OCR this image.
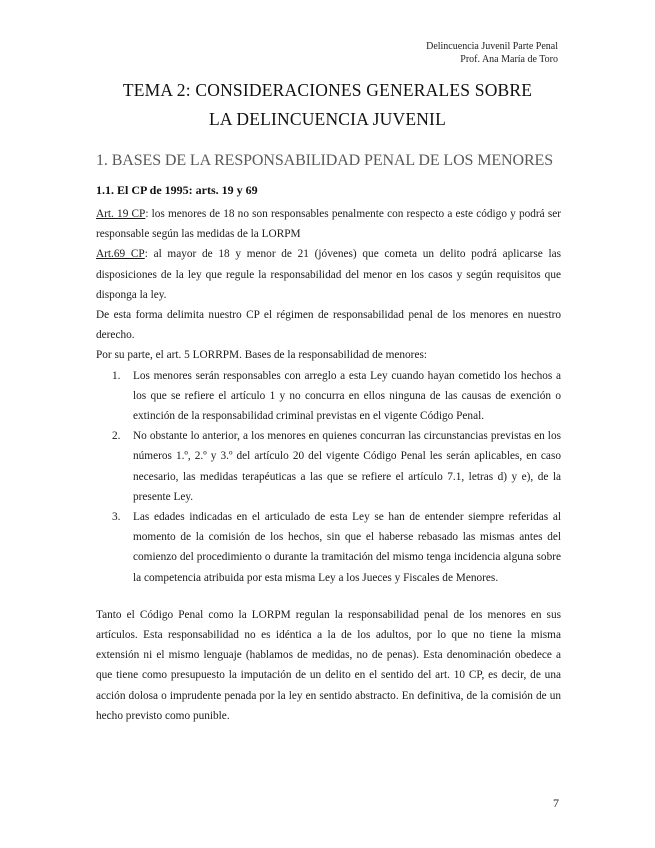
Delincuencia Juvenil Parte Penal
Prof. Ana María de Toro
TEMA 2: CONSIDERACIONES GENERALES SOBRE
LA DELINCUENCIA JUVENIL
1. BASES DE LA RESPONSABILIDAD PENAL DE LOS MENORES
1.1. El CP de 1995: arts. 19 y 69

Art. 19 CP: los menores de 18 no son responsables penalmente con respecto a este código y podrá ser responsable según las medidas de la LORPM

Art.69 CP: al mayor de 18 y menor de 21 (jóvenes) que cometa un delito podrá aplicarse las disposiciones de la ley que regule la responsabilidad del menor en los casos y según requisitos que disponga la ley.

De esta forma delimita nuestro CP el régimen de responsabilidad penal de los menores en nuestro derecho.

Por su parte, el art. 5 LORRPM. Bases de la responsabilidad de menores:

1. Los menores serán responsables con arreglo a esta Ley cuando hayan cometido los hechos a los que se refiere el artículo 1 y no concurra en ellos ninguna de las causas de exención o extinción de la responsabilidad criminal previstas en el vigente Código Penal.
2. No obstante lo anterior, a los menores en quienes concurran las circunstancias previstas en los números 1.º, 2.º y 3.º del artículo 20 del vigente Código Penal les serán aplicables, en caso necesario, las medidas terapéuticas a las que se refiere el artículo 7.1, letras d) y e), de la presente Ley.
3. Las edades indicadas en el articulado de esta Ley se han de entender siempre referidas al momento de la comisión de los hechos, sin que el haberse rebasado las mismas antes del comienzo del procedimiento o durante la tramitación del mismo tenga incidencia alguna sobre la competencia atribuida por esta misma Ley a los Jueces y Fiscales de Menores.

Tanto el Código Penal como la LORPM regulan la responsabilidad penal de los menores en sus artículos. Esta responsabilidad no es idéntica a la de los adultos, por lo que no tiene la misma extensión ni el mismo lenguaje (hablamos de medidas, no de penas). Esta denominación obedece a que tiene como presupuesto la imputación de un delito en el sentido del art. 10 CP, es decir, de una acción dolosa o imprudente penada por la ley en sentido abstracto. En definitiva, de la comisión de un hecho previsto como punible.

7
